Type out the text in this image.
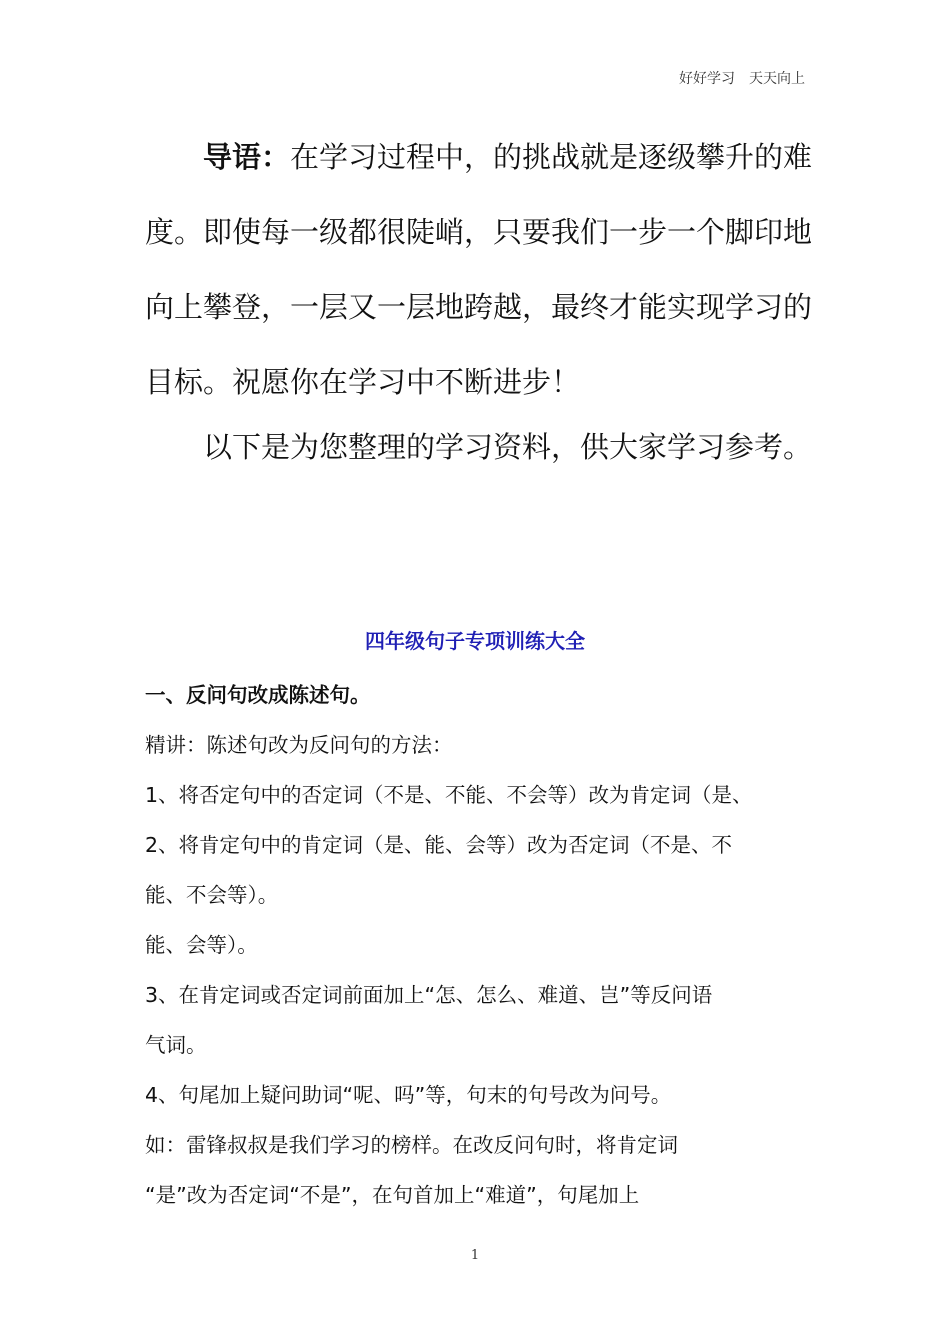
好好学习　天天向上

导语：在学习过程中，的挑战就是逐级攀升的难度。即使每一级都很陡峭，只要我们一步一个脚印地向上攀登，一层又一层地跨越，最终才能实现学习的目标。祝愿你在学习中不断进步！

以下是为您整理的学习资料，供大家学习参考。

四年级句子专项训练大全
一、反问句改成陈述句。
精讲：陈述句改为反问句的方法：
1、将否定句中的否定词（不是、不能、不会等）改为肯定词（是、
2、将肯定句中的肯定词（是、能、会等）改为否定词（不是、不
能、不会等）。
能、会等）。
3、在肯定词或否定词前面加上“怎、怎么、难道、岂”等反问语
气词。
4、句尾加上疑问助词“呢、吗”等，句末的句号改为问号。
如：雷锋叔叔是我们学习的榜样。在改反问句时，将肯定词
“是”改为否定词“不是”，在句首加上“难道”，句尾加上
1
